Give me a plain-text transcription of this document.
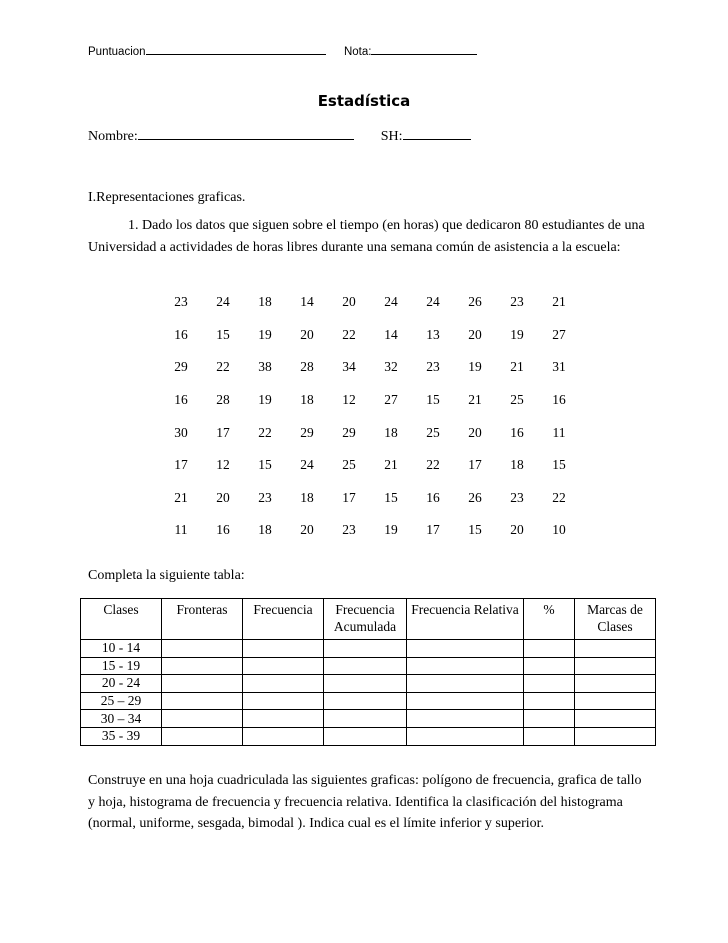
Puntuacion	Nota:
Estadística
Nombre:	SH:
I.Representaciones graficas.
1. Dado los datos que siguen sobre el tiempo (en horas) que dedicaron 80 estudiantes de una Universidad a actividades de horas libres durante una semana común de asistencia a la escuela:
23	24	18	14	20	24	24	26	23	21
16	15	19	20	22	14	13	20	19	27
29	22	38	28	34	32	23	19	21	31
16	28	19	18	12	27	15	21	25	16
30	17	22	29	29	18	25	20	16	11
17	12	15	24	25	21	22	17	18	15
21	20	23	18	17	15	16	26	23	22
11	16	18	20	23	19	17	15	20	10
Completa la siguiente tabla:
Clases	Fronteras	Frecuencia	Frecuencia Acumulada	Frecuencia Relativa	%	Marcas de Clases
10 - 14						
15 - 19						
20 - 24						
25 – 29						
30 – 34						
35 - 39						
Construye en una hoja cuadriculada las siguientes graficas: polígono de frecuencia, grafica de tallo y hoja, histograma de frecuencia y frecuencia relativa. Identifica la clasificación del histograma (normal, uniforme, sesgada, bimodal ). Indica cual es el límite inferior y superior.
